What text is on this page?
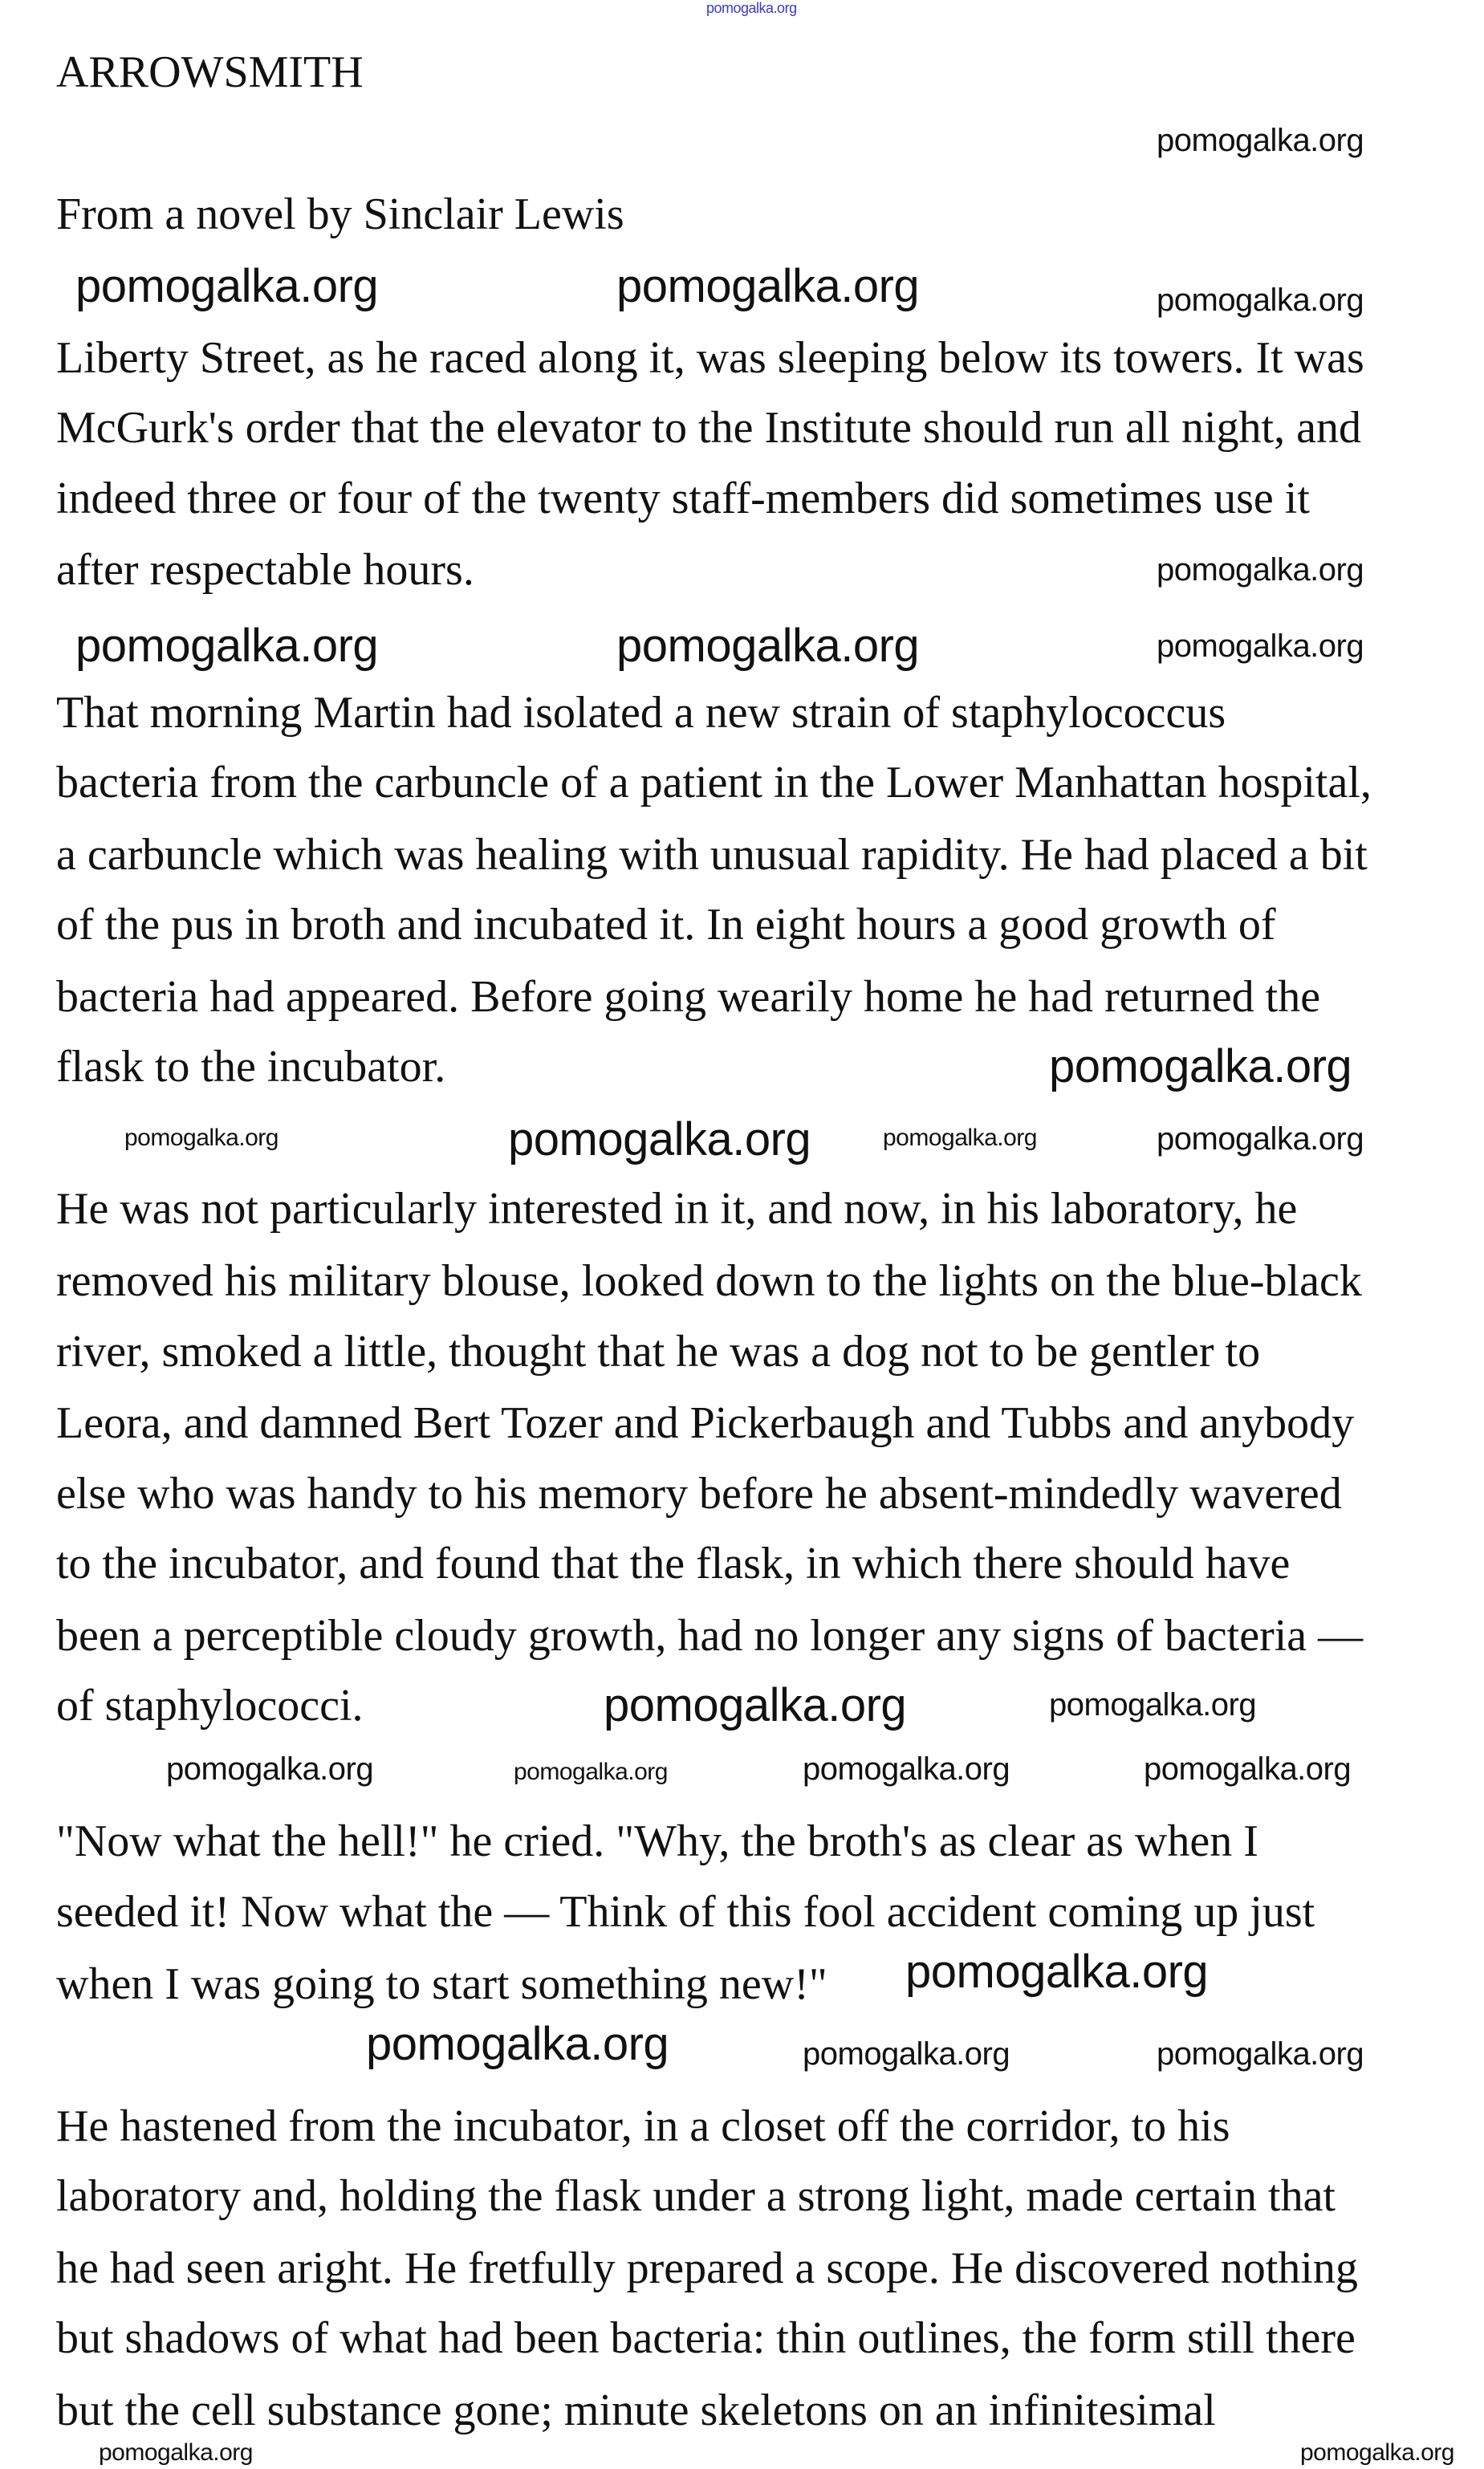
pomogalka.org
ARROWSMITH
From a novel by Sinclair Lewis
Liberty Street, as he raced along it, was sleeping below its towers. It was
McGurk's order that the elevator to the Institute should run all night, and
indeed three or four of the twenty staff-members did sometimes use it
after respectable hours.
That morning Martin had isolated a new strain of staphylococcus
bacteria from the carbuncle of a patient in the Lower Manhattan hospital,
a carbuncle which was healing with unusual rapidity. He had placed a bit
of the pus in broth and incubated it. In eight hours a good growth of
bacteria had appeared. Before going wearily home he had returned the
flask to the incubator.
He was not particularly interested in it, and now, in his laboratory, he
removed his military blouse, looked down to the lights on the blue-black
river, smoked a little, thought that he was a dog not to be gentler to
Leora, and damned Bert Tozer and Pickerbaugh and Tubbs and anybody
else who was handy to his memory before he absent-mindedly wavered
to the incubator, and found that the flask, in which there should have
been a perceptible cloudy growth, had no longer any signs of bacteria —
of staphylococci.
"Now what the hell!" he cried. "Why, the broth's as clear as when I
seeded it! Now what the — Think of this fool accident coming up just
when I was going to start something new!"
He hastened from the incubator, in a closet off the corridor, to his
laboratory and, holding the flask under a strong light, made certain that
he had seen aright. He fretfully prepared a scope. He discovered nothing
but shadows of what had been bacteria: thin outlines, the form still there
but the cell substance gone; minute skeletons on an infinitesimal
pomogalka.org
pomogalka.org	pomogalka.org	pomogalka.org
pomogalka.org
pomogalka.org	pomogalka.org	pomogalka.org
pomogalka.org
pomogalka.org	pomogalka.org	pomogalka.org	pomogalka.org
pomogalka.org	pomogalka.org
pomogalka.org	pomogalka.org	pomogalka.org	pomogalka.org
pomogalka.org
pomogalka.org	pomogalka.org	pomogalka.org
pomogalka.org	pomogalka.org
